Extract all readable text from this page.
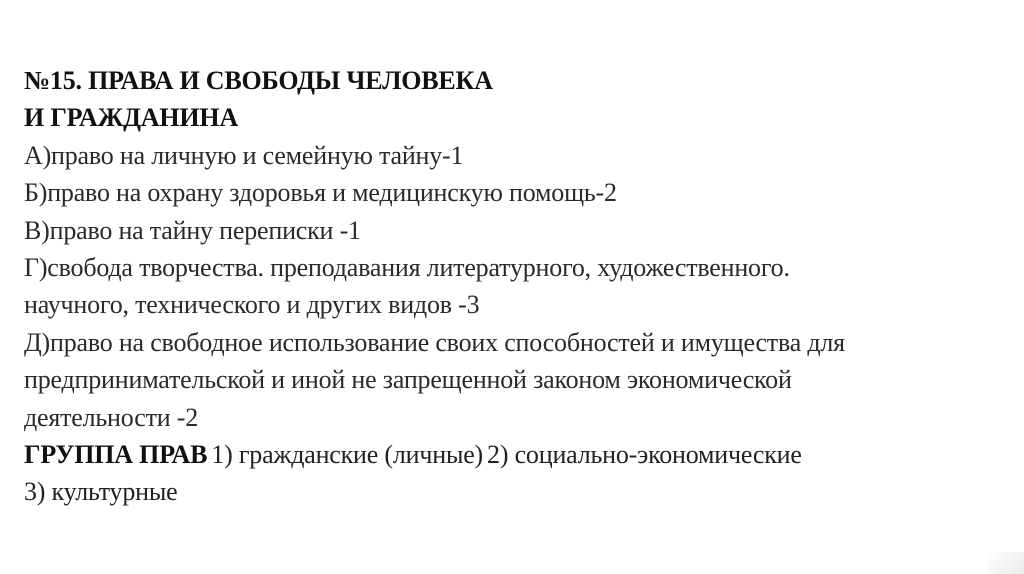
№15. ПРАВА И СВОБОДЫ ЧЕЛОВЕКА
И ГРАЖДАНИНА
А)право на личную и семейную тайну-1
Б)право на охрану здоровья и медицинскую помощь-2
В)право на тайну переписки -1
Г)свобода творчества. преподавания литературного, художественного.
научного, технического и других видов -3
Д)право на свободное использование своих способностей и имущества для
предпринимательской и иной не запрещенной законом экономической
деятельности -2
ГРУППА ПРАВ 1) гражданские (личные) 2) социально-экономические
3) культурные
